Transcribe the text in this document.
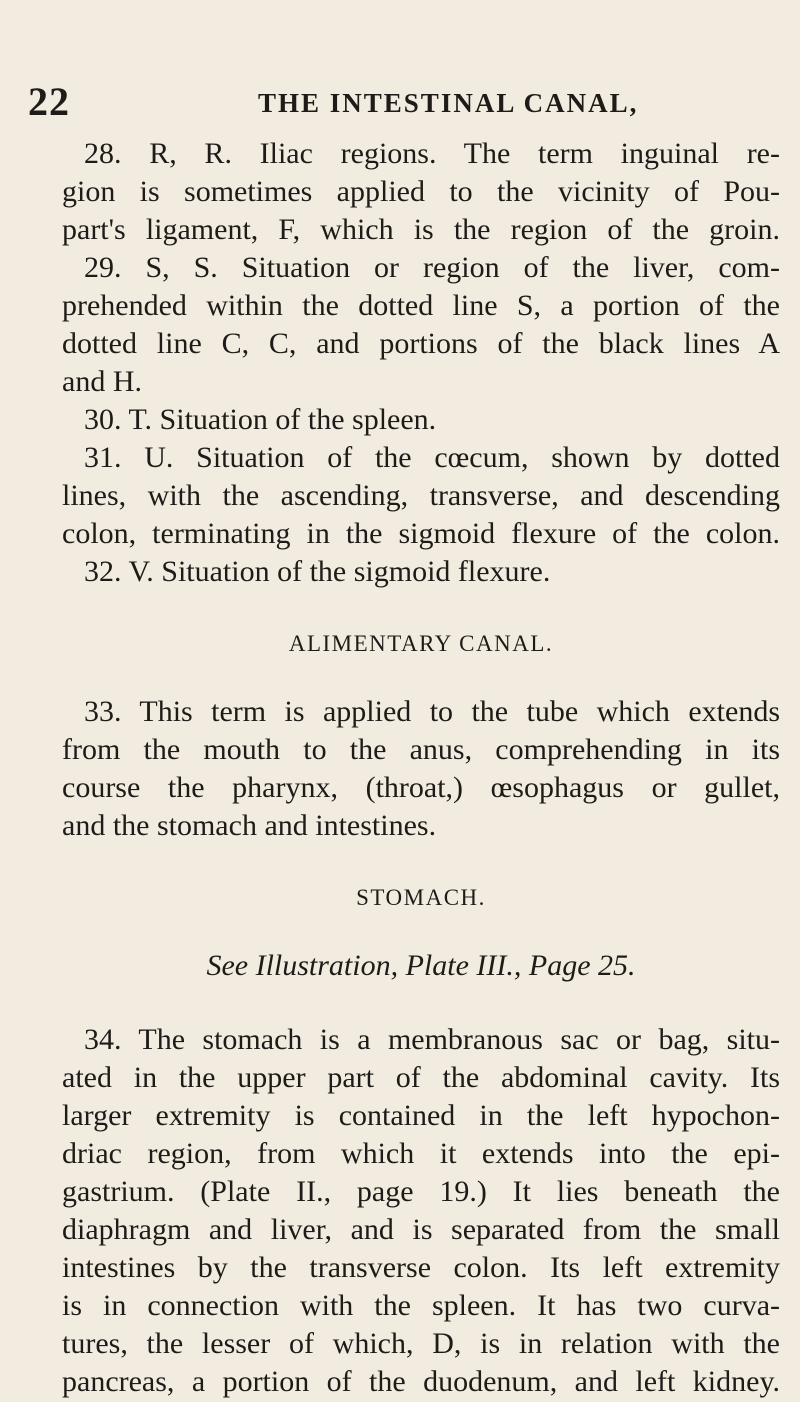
22	THE INTESTINAL CANAL,
28. R, R. Iliac regions. The term inguinal re-
gion is sometimes applied to the vicinity of Pou-
part's ligament, F, which is the region of the groin.
29. S, S. Situation or region of the liver, com-
prehended within the dotted line S, a portion of the
dotted line C, C, and portions of the black lines A
and H.
30. T. Situation of the spleen.
31. U. Situation of the cœcum, shown by dotted
lines, with the ascending, transverse, and descending
colon, terminating in the sigmoid flexure of the colon.
32. V. Situation of the sigmoid flexure.
ALIMENTARY CANAL.
33. This term is applied to the tube which extends
from the mouth to the anus, comprehending in its
course the pharynx, (throat,) œsophagus or gullet,
and the stomach and intestines.
STOMACH.
See Illustration, Plate III., Page 25.
34. The stomach is a membranous sac or bag, situ-
ated in the upper part of the abdominal cavity. Its
larger extremity is contained in the left hypochon-
driac region, from which it extends into the epi-
gastrium. (Plate II., page 19.) It lies beneath the
diaphragm and liver, and is separated from the small
intestines by the transverse colon. Its left extremity
is in connection with the spleen. It has two curva-
tures, the lesser of which, D, is in relation with the
pancreas, a portion of the duodenum, and left kidney.
